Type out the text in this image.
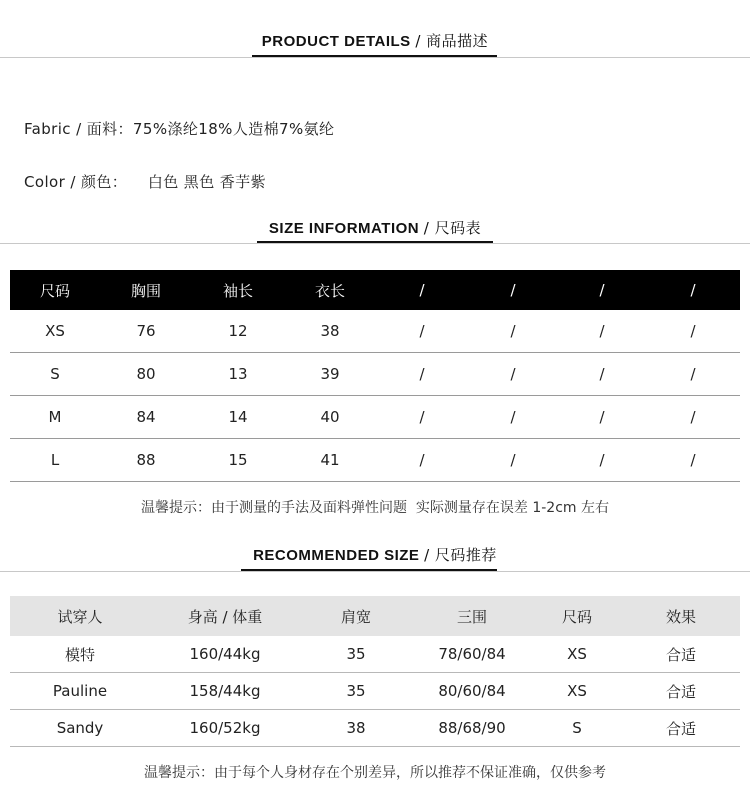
PRODUCT DETAILS / 商品描述
Fabric / 面料：75%涤纶18%人造棉7%氨纶
Color / 颜色：    白色 黑色 香芋紫
SIZE INFORMATION / 尺码表
尺码	胸围	袖长	衣长	/	/	/	/
XS	76	12	38	/	/	/	/
S	80	13	39	/	/	/	/
M	84	14	40	/	/	/	/
L	88	15	41	/	/	/	/
温馨提示：由于测量的手法及面料弹性问题  实际测量存在误差 1-2cm 左右
RECOMMENDED SIZE / 尺码推荐
试穿人	身高 / 体重	肩宽	三围	尺码	效果
模特	160/44kg	35	78/60/84	XS	合适
Pauline	158/44kg	35	80/60/84	XS	合适
Sandy	160/52kg	38	88/68/90	S	合适
温馨提示：由于每个人身材存在个别差异，所以推荐不保证准确，仅供参考
